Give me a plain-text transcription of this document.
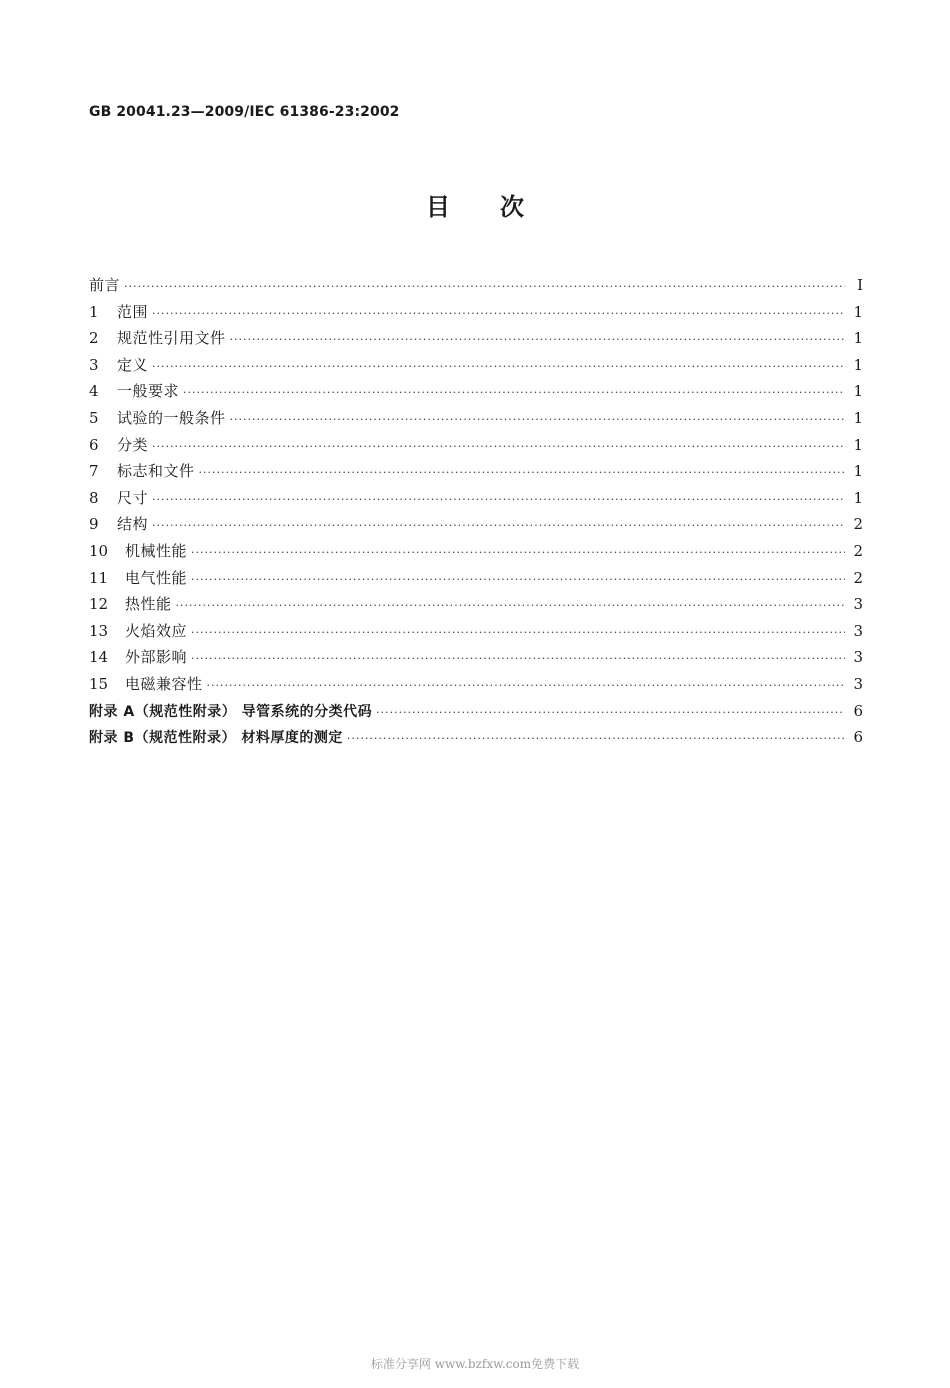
GB 20041.23—2009/IEC 61386-23:2002
目 次
前言 ·····	Ⅰ
1	范围 ·····	1
2	规范性引用文件 ·····	1
3	定义 ·····	1
4	一般要求 ·····	1
5	试验的一般条件 ·····	1
6	分类 ·····	1
7	标志和文件 ·····	1
8	尺寸 ·····	1
9	结构 ·····	2
10	机械性能 ·····	2
11	电气性能 ·····	2
12	热性能 ·····	3
13	火焰效应 ·····	3
14	外部影响 ·····	3
15	电磁兼容性 ·····	3
附录 A（规范性附录） 导管系统的分类代码 ·····	6
附录 B（规范性附录） 材料厚度的测定 ·····	6
标准分享网 www.bzfxw.com免费下载
